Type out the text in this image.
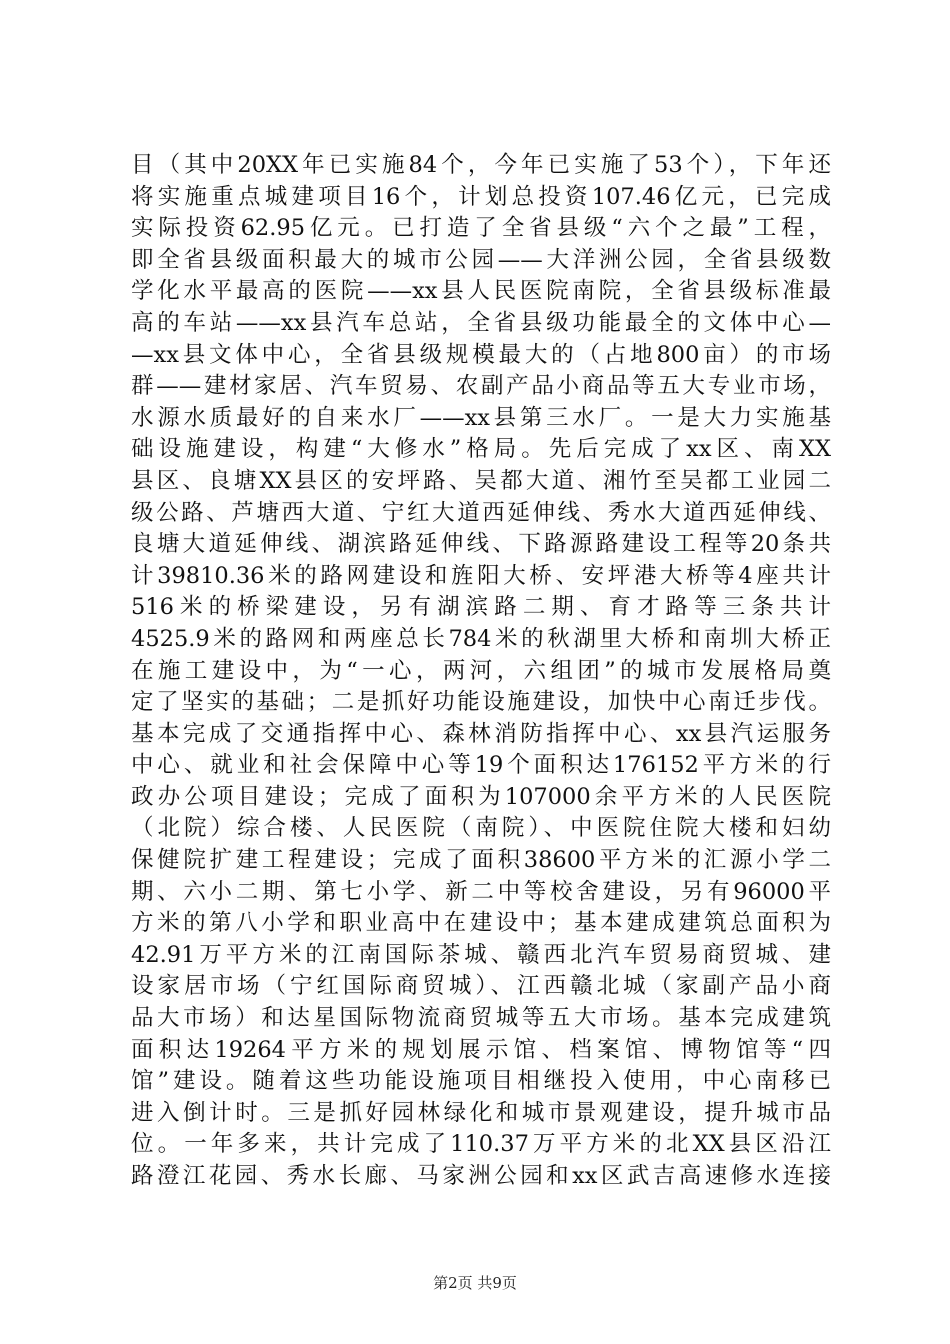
目（其中20XX年已实施84个，今年已实施了53个），下年还
将实施重点城建项目16个，计划总投资107.46亿元，已完成
实际投资62.95亿元。已打造了全省县级“六个之最”工程，
即全省县级面积最大的城市公园——大洋洲公园，全省县级数
学化水平最高的医院——xx县人民医院南院，全省县级标准最
高的车站——xx县汽车总站，全省县级功能最全的文体中心—
—xx县文体中心，全省县级规模最大的（占地800亩）的市场
群——建材家居、汽车贸易、农副产品小商品等五大专业市场，
水源水质最好的自来水厂——xx县第三水厂。一是大力实施基
础设施建设，构建“大修水”格局。先后完成了xx区、南XX
县区、良塘XX县区的安坪路、吴都大道、湘竹至吴都工业园二
级公路、芦塘西大道、宁红大道西延伸线、秀水大道西延伸线、
良塘大道延伸线、湖滨路延伸线、下路源路建设工程等20条共
计39810.36米的路网建设和旌阳大桥、安坪港大桥等4座共计
516米的桥梁建设，另有湖滨路二期、育才路等三条共计
4525.9米的路网和两座总长784米的秋湖里大桥和南圳大桥正
在施工建设中，为“一心，两河，六组团”的城市发展格局奠
定了坚实的基础；二是抓好功能设施建设，加快中心南迁步伐。
基本完成了交通指挥中心、森林消防指挥中心、xx县汽运服务
中心、就业和社会保障中心等19个面积达176152平方米的行
政办公项目建设；完成了面积为107000余平方米的人民医院
（北院）综合楼、人民医院（南院）、中医院住院大楼和妇幼
保健院扩建工程建设；完成了面积38600平方米的汇源小学二
期、六小二期、第七小学、新二中等校舍建设，另有96000平
方米的第八小学和职业高中在建设中；基本建成建筑总面积为
42.91万平方米的江南国际茶城、赣西北汽车贸易商贸城、建
设家居市场（宁红国际商贸城）、江西赣北城（家副产品小商
品大市场）和达星国际物流商贸城等五大市场。基本完成建筑
面积达19264平方米的规划展示馆、档案馆、博物馆等“四
馆”建设。随着这些功能设施项目相继投入使用，中心南移已
进入倒计时。三是抓好园林绿化和城市景观建设，提升城市品
位。一年多来，共计完成了110.37万平方米的北XX县区沿江
路澄江花园、秀水长廊、马家洲公园和xx区武吉高速修水连接
第2页 共9页
